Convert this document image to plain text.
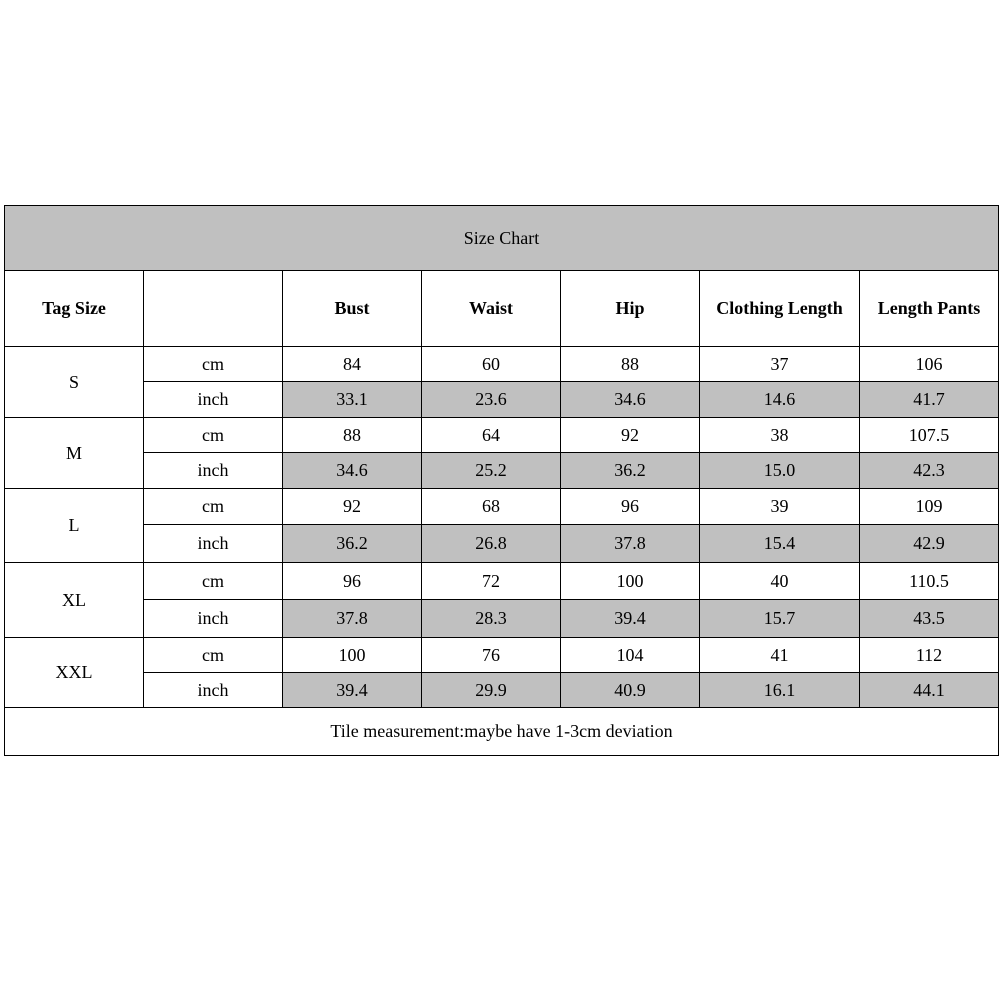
Size Chart						
Tag Size		Bust	Waist	Hip	Clothing Length	Length Pants
S	cm	84	60	88	37	106
	inch	33.1	23.6	34.6	14.6	41.7
M	cm	88	64	92	38	107.5
	inch	34.6	25.2	36.2	15.0	42.3
L	cm	92	68	96	39	109
	inch	36.2	26.8	37.8	15.4	42.9
XL	cm	96	72	100	40	110.5
	inch	37.8	28.3	39.4	15.7	43.5
XXL	cm	100	76	104	41	112
	inch	39.4	29.9	40.9	16.1	44.1
Tile measurement:maybe have 1-3cm deviation						
